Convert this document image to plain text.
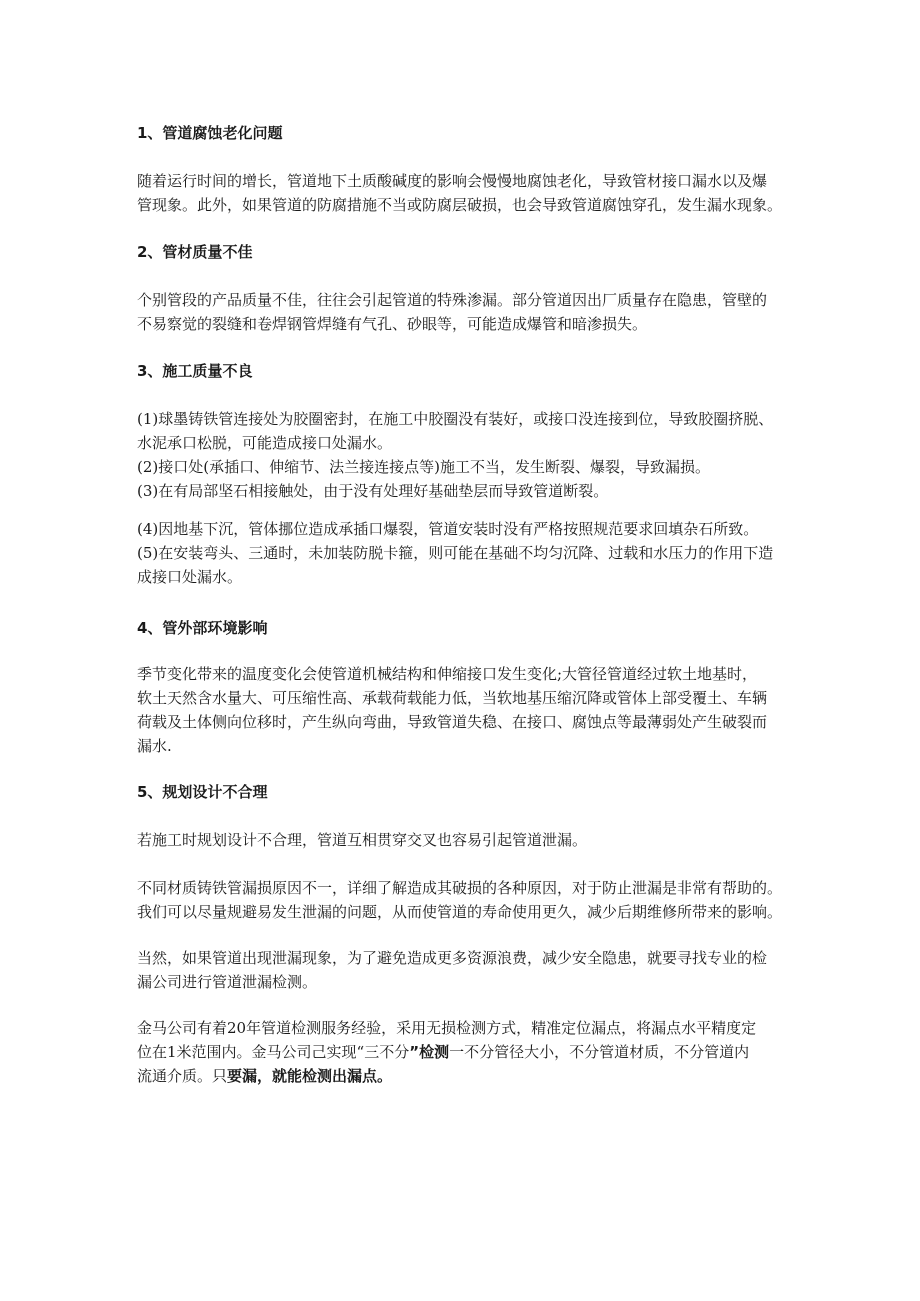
1、管道腐蚀老化问题
随着运行时间的增长，管道地下土质酸碱度的影响会慢慢地腐蚀老化，导致管材接口漏水以及爆
管现象。此外，如果管道的防腐措施不当或防腐层破损，也会导致管道腐蚀穿孔，发生漏水现象。
2、管材质量不佳
个别管段的产品质量不佳，往往会引起管道的特殊渗漏。部分管道因出厂质量存在隐患，管壁的
不易察觉的裂缝和卷焊钢管焊缝有气孔、砂眼等，可能造成爆管和暗渗损失。
3、施工质量不良
(1)球墨铸铁管连接处为胶圈密封，在施工中胶圈没有装好，或接口没连接到位，导致胶圈挤脱、
水泥承口松脱，可能造成接口处漏水。
(2)接口处(承插口、伸缩节、法兰接连接点等)施工不当，发生断裂、爆裂，导致漏损。
(3)在有局部坚石相接触处，由于没有处理好基础垫层而导致管道断裂。
(4)因地基下沉，管体挪位造成承插口爆裂，管道安装时没有严格按照规范要求回填杂石所致。
(5)在安装弯头、三通时，未加装防脱卡箍，则可能在基础不均匀沉降、过载和水压力的作用下造
成接口处漏水。
4、管外部环境影响
季节变化带来的温度变化会使管道机械结构和伸缩接口发生变化;大管径管道经过软土地基时，
软土天然含水量大、可压缩性高、承载荷载能力低，当软地基压缩沉降或管体上部受覆土、车辆
荷载及土体侧向位移时，产生纵向弯曲，导致管道失稳、在接口、腐蚀点等最薄弱处产生破裂而
漏水.
5、规划设计不合理
若施工时规划设计不合理，管道互相贯穿交叉也容易引起管道泄漏。
不同材质铸铁管漏损原因不一，详细了解造成其破损的各种原因，对于防止泄漏是非常有帮助的。
我们可以尽量规避易发生泄漏的问题，从而使管道的寿命使用更久，减少后期维修所带来的影响。
当然，如果管道出现泄漏现象，为了避免造成更多资源浪费，减少安全隐患，就要寻找专业的检
漏公司进行管道泄漏检测。
金马公司有着20年管道检测服务经验，采用无损检测方式，精准定位漏点，将漏点水平精度定
位在1米范围内。金马公司己实现“三不分”检测一不分管径大小，不分管道材质，不分管道内
流通介质。只要漏，就能检测出漏点。
